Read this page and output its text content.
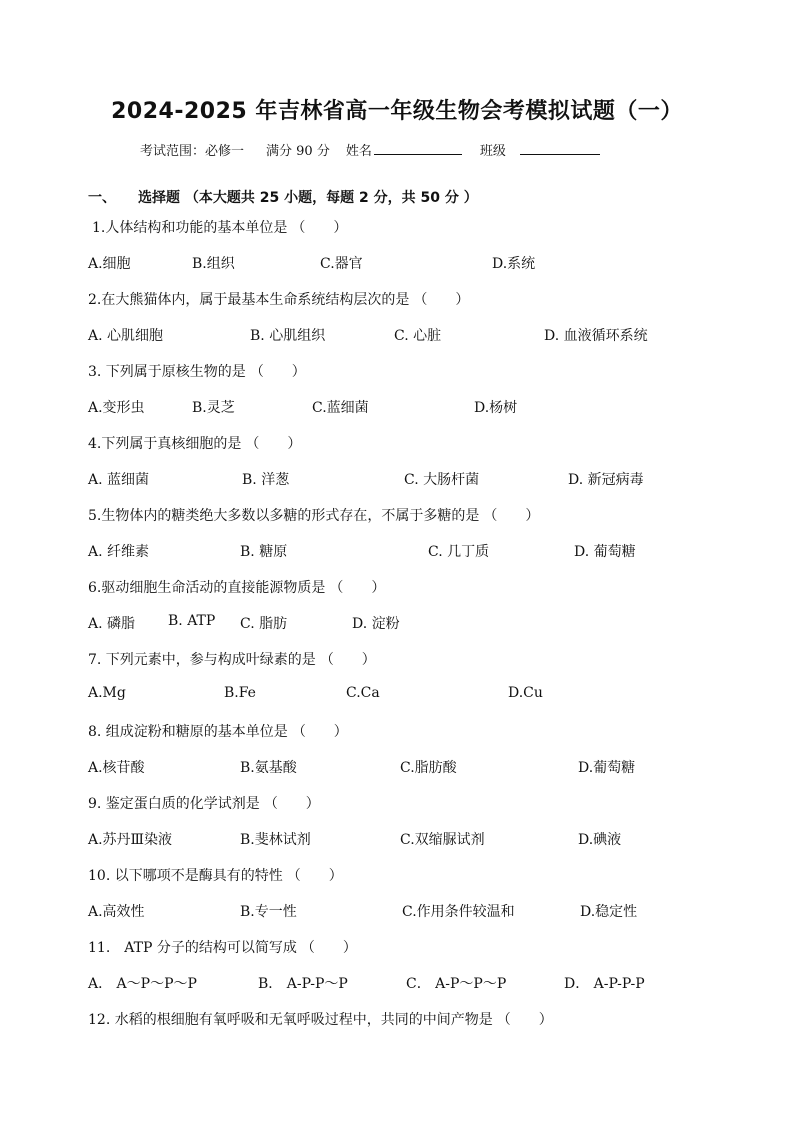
2024-2025 年吉林省高一年级生物会考模拟试题（一）
考试范围：必修一 满分 90 分 姓名	班级
一、 选择题 （本大题共 25 小题，每题 2 分，共 50 分 ）
1.人体结构和功能的基本单位是 （　　）
A.细胞	B.组织	C.器官	D.系统
2.在大熊猫体内，属于最基本生命系统结构层次的是 （　　）
A. 心肌细胞	B. 心肌组织	C. 心脏	D. 血液循环系统
3. 下列属于原核生物的是 （　　）
A.变形虫	B.灵芝	C.蓝细菌	D.杨树
4.下列属于真核细胞的是 （　　）
A. 蓝细菌	B. 洋葱	C. 大肠杆菌	D. 新冠病毒
5.生物体内的糖类绝大多数以多糖的形式存在，不属于多糖的是 （　　）
A. 纤维素	B. 糖原	C. 几丁质	D. 葡萄糖
6.驱动细胞生命活动的直接能源物质是 （　　）
A. 磷脂 B. ATP C. 脂肪	D. 淀粉
7. 下列元素中，参与构成叶绿素的是 （　　）
A.Mg	B.Fe	C.Ca	D.Cu
8. 组成淀粉和糖原的基本单位是 （　　）
A.核苷酸	B.氨基酸	C.脂肪酸	D.葡萄糖
9. 鉴定蛋白质的化学试剂是 （　　）
A.苏丹Ⅲ染液	B.斐林试剂	C.双缩脲试剂	D.碘液
10. 以下哪项不是酶具有的特性 （　　）
A.高效性	B.专一性	C.作用条件较温和	D.稳定性
11.　ATP 分子的结构可以简写成 （　　）
A． A～P～P～P	B． A-P-P～P	C． A-P～P～P	D． A-P-P-P
12. 水稻的根细胞有氧呼吸和无氧呼吸过程中，共同的中间产物是 （　　）
